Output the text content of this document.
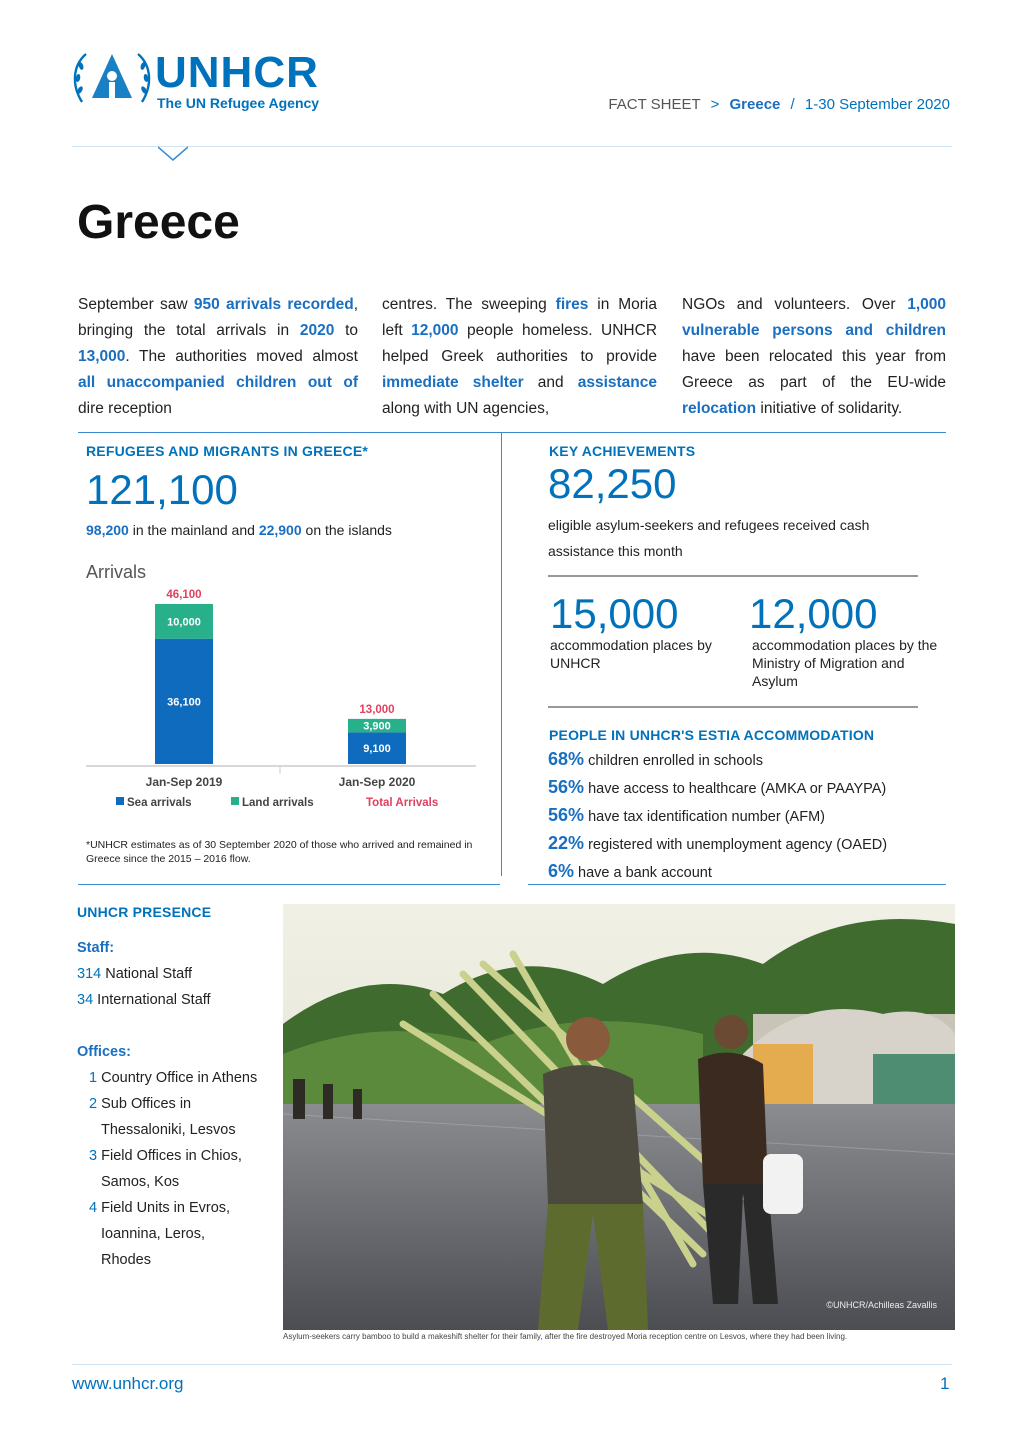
UNHCR
The UN Refugee Agency	FACT SHEET > Greece / 1-30 September 2020
Greece
September saw 950 arrivals recorded, bringing the total arrivals in 2020 to 13,000. The authorities moved almost all unaccompanied children out of dire reception
centres. The sweeping fires in Moria left 12,000 people homeless. UNHCR helped Greek authorities to provide immediate shelter and assistance along with UN agencies,
NGOs and volunteers. Over 1,000 vulnerable persons and children have been relocated this year from Greece as part of the EU-wide relocation initiative of solidarity.
REFUGEES AND MIGRANTS IN GREECE*
121,100
98,200 in the mainland and 22,900 on the islands
Arrivals
36,100
10,000
46,100
Jan-Sep 2019
9,100
3,900
13,000
Jan-Sep 2020
Sea arrivals	Land arrivals	Total Arrivals
*UNHCR estimates as of 30 September 2020 of those who arrived and remained in Greece since the 2015 – 2016 flow.
KEY ACHIEVEMENTS
82,250
eligible asylum-seekers and refugees received cash assistance this month
15,000
accommodation places by UNHCR
12,000
accommodation places by the Ministry of Migration and Asylum
PEOPLE IN UNHCR'S ESTIA ACCOMMODATION
68% children enrolled in schools
56% have access to healthcare (AMKA or PAAYPA)
56% have tax identification number (AFM)
22% registered with unemployment agency (OAED)
6% have a bank account
UNHCR PRESENCE
Staff:
314 National Staff
34 International Staff
Offices:
1 Country Office in Athens
2 Sub Offices in Thessaloniki, Lesvos
3 Field Offices in Chios, Samos, Kos
4 Field Units in Evros, Ioannina, Leros, Rhodes
©UNHCR/Achilleas Zavallis
Asylum-seekers carry bamboo to build a makeshift shelter for their family, after the fire destroyed Moria reception centre on Lesvos, where they had been living.
www.unhcr.org	1
